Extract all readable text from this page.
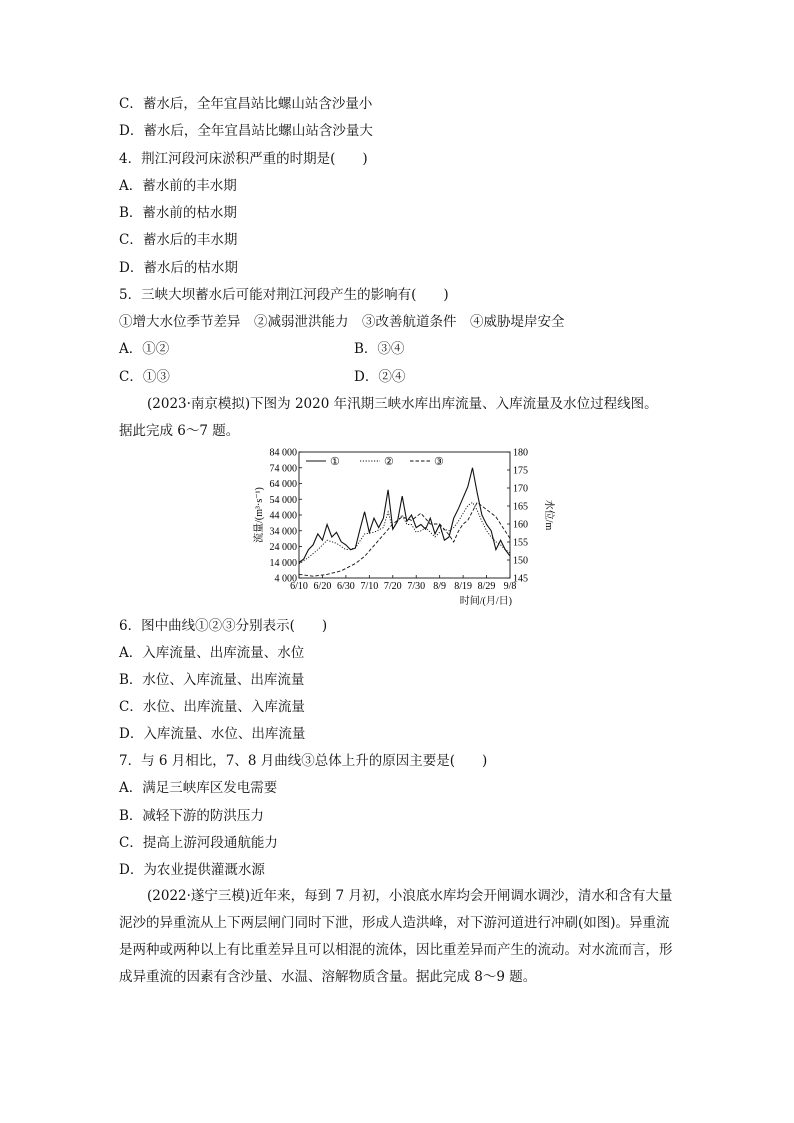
C．蓄水后，全年宜昌站比螺山站含沙量小
D．蓄水后，全年宜昌站比螺山站含沙量大
4．荆江河段河床淤积严重的时期是(　　)
A．蓄水前的丰水期
B．蓄水前的枯水期
C．蓄水后的丰水期
D．蓄水后的枯水期
5．三峡大坝蓄水后可能对荆江河段产生的影响有(　　)
①增大水位季节差异　②减弱泄洪能力　③改善航道条件　④威胁堤岸安全
A．①②	B．③④
C．①③	D．②④
(2023·南京模拟)下图为 2020 年汛期三峡水库出库流量、入库流量及水位过程线图。
据此完成 6～7 题。
4 000
14 000
24 000
34 000
44 000
54 000
64 000
74 000
84 000
145
150
155
160
165
170
175
180
6/10 6/20 6/30 7/10 7/20 7/30 8/9 8/19 8/29 9/8
①	②	③
流量/(m³·s⁻¹)	水位/m
时间/(月/日)
6．图中曲线①②③分别表示(　　)
A．入库流量、出库流量、水位
B．水位、入库流量、出库流量
C．水位、出库流量、入库流量
D．入库流量、水位、出库流量
7．与 6 月相比，7、8 月曲线③总体上升的原因主要是(　　)
A．满足三峡库区发电需要
B．减轻下游的防洪压力
C．提高上游河段通航能力
D．为农业提供灌溉水源
(2022·遂宁三模)近年来，每到 7 月初，小浪底水库均会开闸调水调沙，清水和含有大量泥沙的异重流从上下两层闸门同时下泄，形成人造洪峰，对下游河道进行冲刷(如图)。异重流是两种或两种以上有比重差异且可以相混的流体，因比重差异而产生的流动。对水流而言，形成异重流的因素有含沙量、水温、溶解物质含量。据此完成 8～9 题。
